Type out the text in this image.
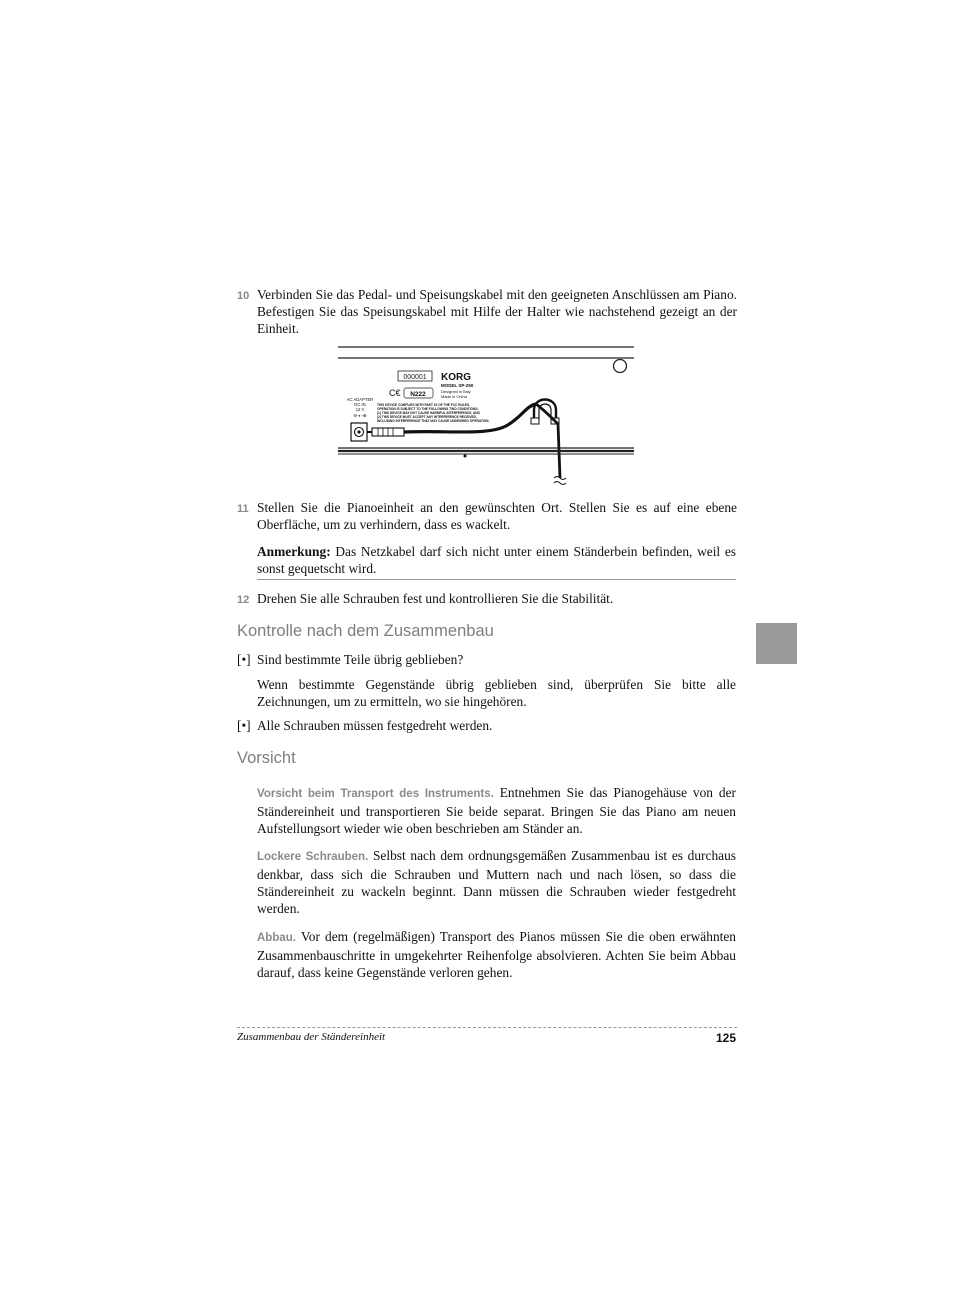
10 Verbinden Sie das Pedal- und Speisungskabel mit den geeigneten Anschlüssen am Piano. Befestigen Sie das Speisungskabel mit Hilfe der Halter wie nachstehend gezeigt an der Einheit.
000001 KORG
MODEL SP-250
Designed in Italy
Made in China
C€ N222
AC ADAPTER
DC IN
12 V
⊖-◐-⊕
THIS DEVICE COMPLIES WITH PART 15 OF THE FCC RULES.
OPERATION IS SUBJECT TO THE FOLLOWING TWO CONDITIONS:
(1) THIS DEVICE MAY NOT CAUSE HARMFUL INTERFERENCE, AND
(2) THIS DEVICE MUST ACCEPT ANY INTERFERENCE RECEIVED,
INCLUDING INTERFERENCE THAT MAY CAUSE UNDESIRED OPERATION.
11 Stellen Sie die Pianoeinheit an den gewünschten Ort. Stellen Sie es auf eine ebene Oberfläche, um zu verhindern, dass es wackelt.
Anmerkung: Das Netzkabel darf sich nicht unter einem Ständerbein befinden, weil es sonst gequetscht wird.
12 Drehen Sie alle Schrauben fest und kontrollieren Sie die Stabilität.
Kontrolle nach dem Zusammenbau
[•] Sind bestimmte Teile übrig geblieben?
Wenn bestimmte Gegenstände übrig geblieben sind, überprüfen Sie bitte alle Zeichnungen, um zu ermitteln, wo sie hingehören.
[•] Alle Schrauben müssen festgedreht werden.
Vorsicht
Vorsicht beim Transport des Instruments. Entnehmen Sie das Pianogehäuse von der Ständereinheit und transportieren Sie beide separat. Bringen Sie das Piano am neuen Aufstellungsort wieder wie oben beschrieben am Ständer an.
Lockere Schrauben. Selbst nach dem ordnungsgemäßen Zusammenbau ist es durchaus denkbar, dass sich die Schrauben und Muttern nach und nach lösen, so dass die Ständereinheit zu wackeln beginnt. Dann müssen die Schrauben wieder festgedreht werden.
Abbau. Vor dem (regelmäßigen) Transport des Pianos müssen Sie die oben erwähnten Zusammenbauschritte in umgekehrter Reihenfolge absolvieren. Achten Sie beim Abbau darauf, dass keine Gegenstände verloren gehen.
Zusammenbau der Ständereinheit	125
